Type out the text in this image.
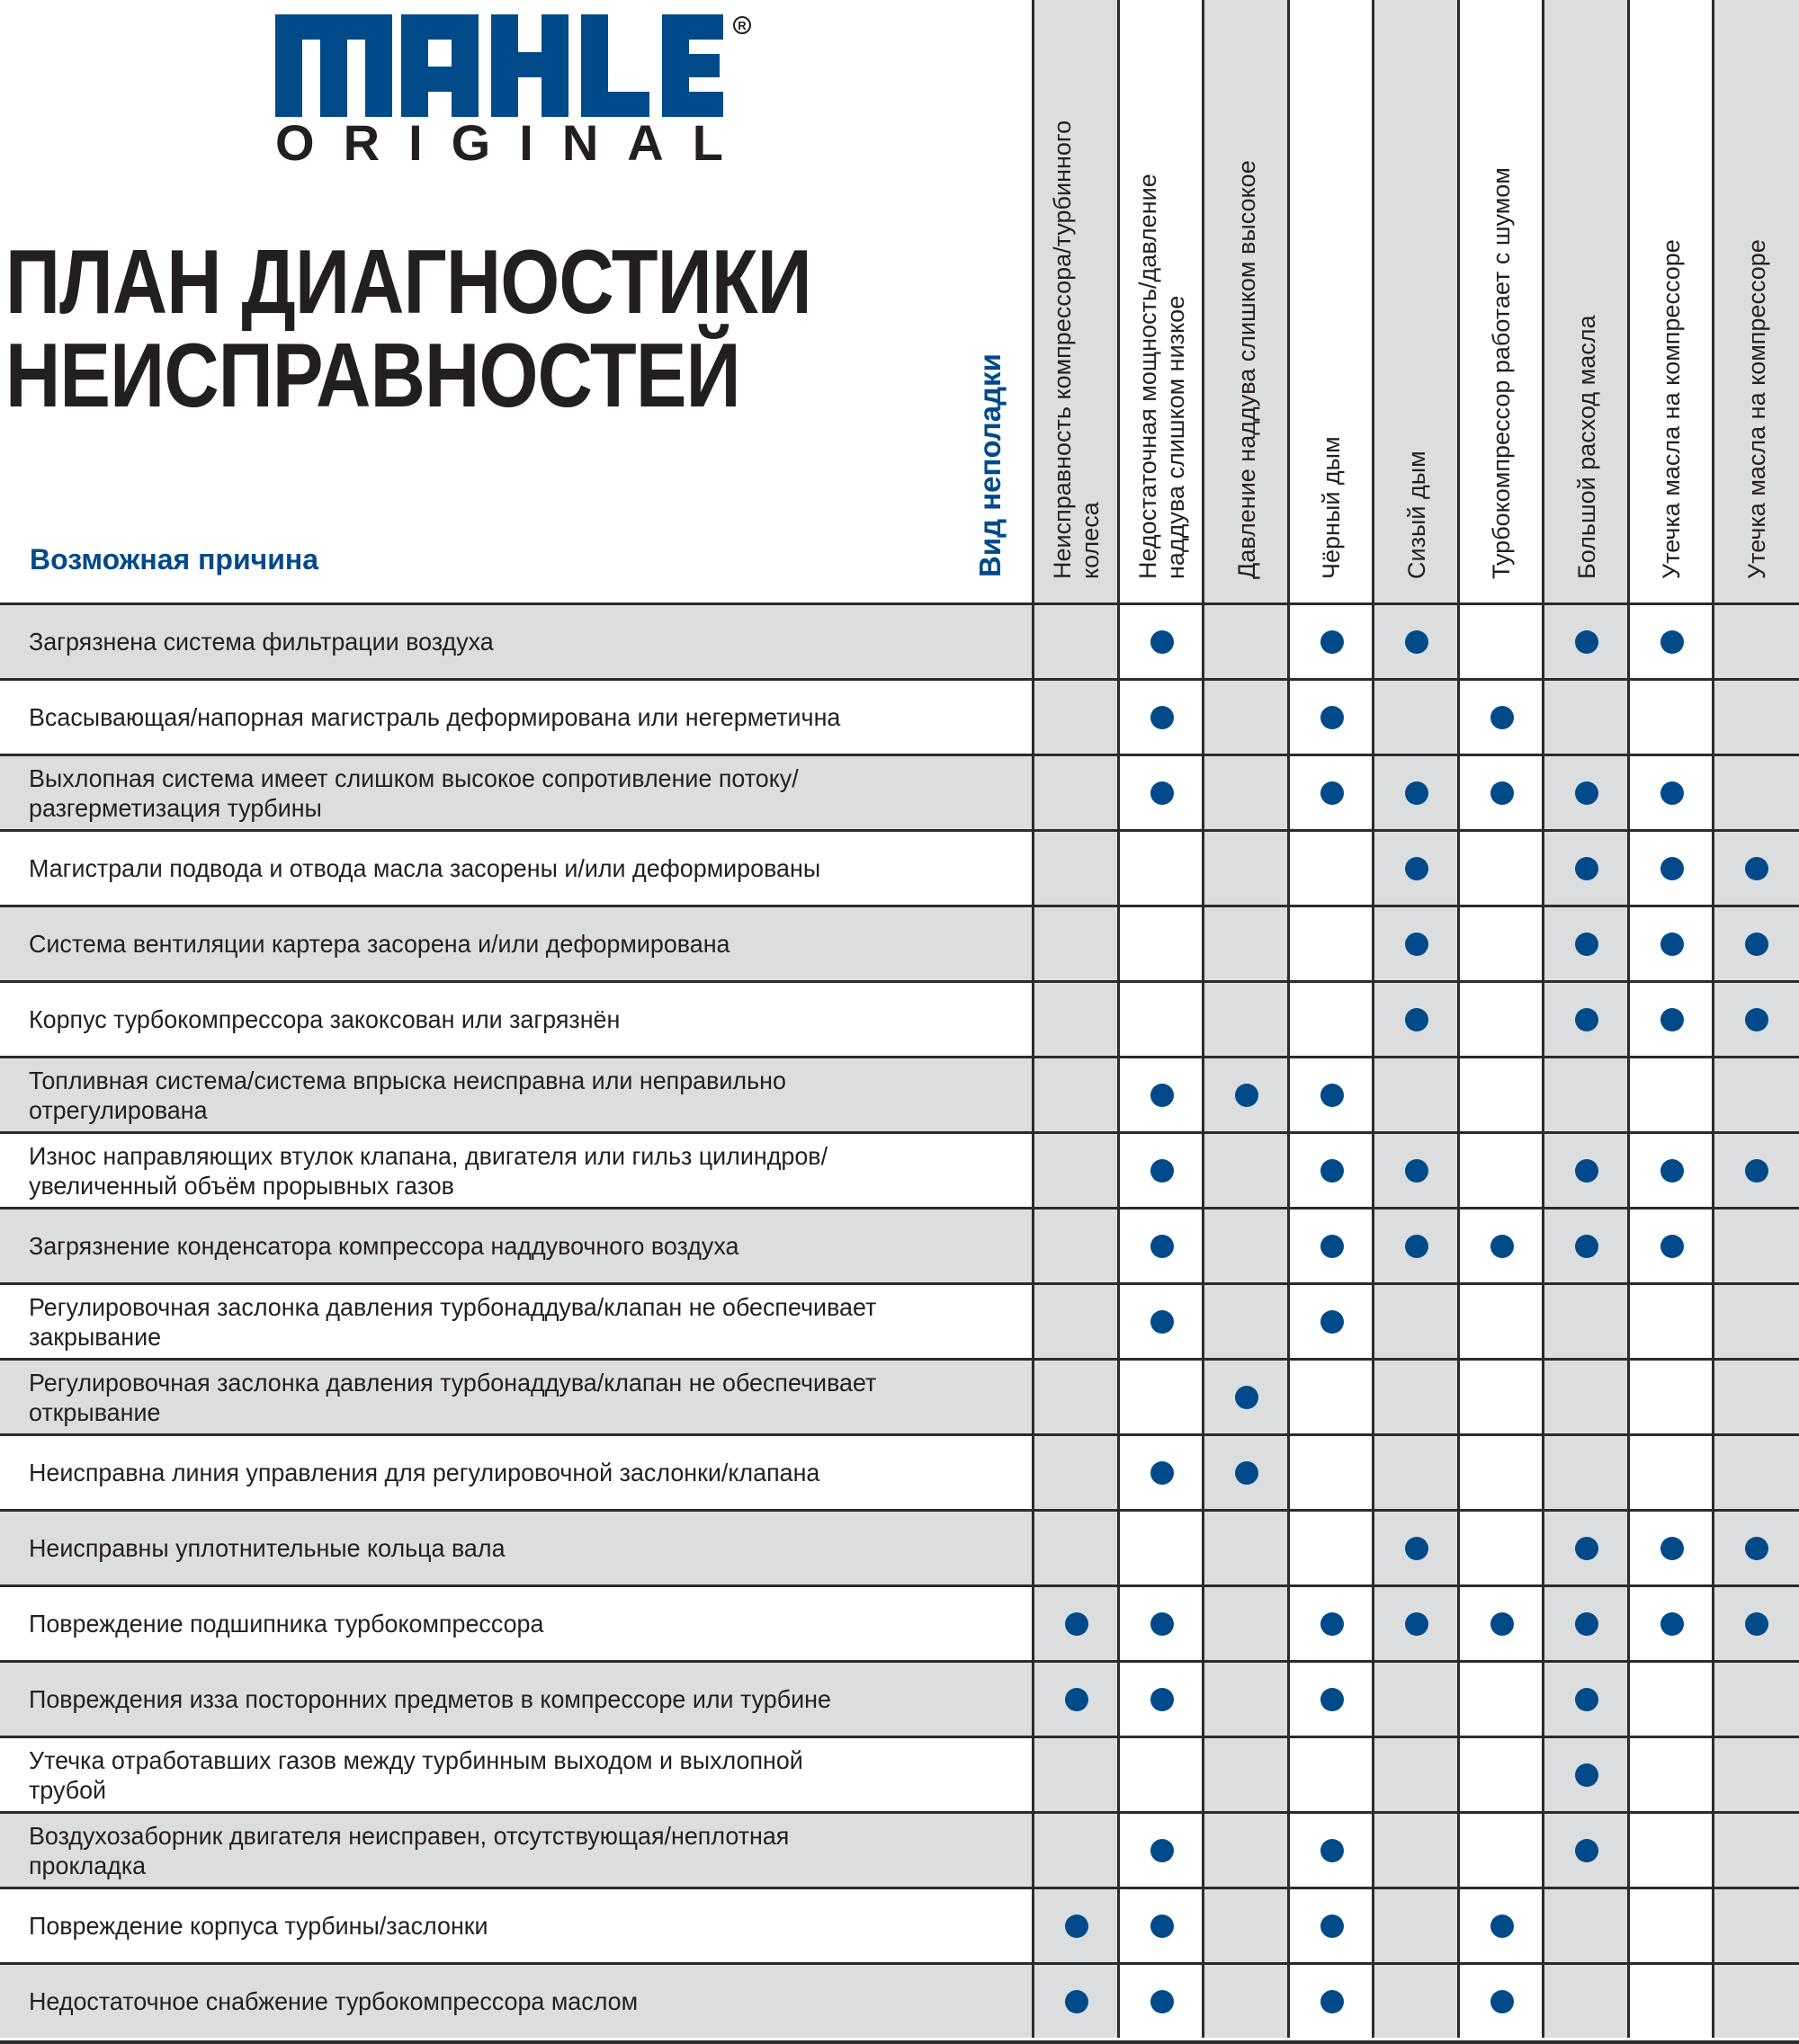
R
ORIGINAL
ПЛАН ДИАГНОСТИКИ
НЕИСПРАВНОСТЕЙ
Возможная причина	Вид неполадки Неисправность компрессора/турбинного колеса Недостаточная мощность/давление наддува слишком низкое Давление наддува слишком высокое Чёрный дым Сизый дым Турбокомпрессор работает с шумом Большой расход масла Утечка масла на компрессоре Утечка масла на компрессоре
Загрязнена система фильтрации воздуха
Всасывающая/напорная магистраль деформирована или негерметична
Выхлопная система имеет слишком высокое сопротивление потоку/
разгерметизация турбины
Магистрали подвода и отвода масла засорены и/или деформированы
Система вентиляции картера засорена и/или деформирована
Корпус турбокомпрессора закоксован или загрязнён
Топливная система/система впрыска неисправна или неправильно
отрегулирована
Износ направляющих втулок клапана, двигателя или гильз цилиндров/
увеличенный объём прорывных газов
Загрязнение конденсатора компрессора наддувочного воздуха
Регулировочная заслонка давления турбонаддува/клапан не обеспечивает
закрывание
Регулировочная заслонка давления турбонаддува/клапан не обеспечивает
открывание
Неисправна линия управления для регулировочной заслонки/клапана
Неисправны уплотнительные кольца вала
Повреждение подшипника турбокомпрессора
Повреждения изза посторонних предметов в компрессоре или турбине
Утечка отработавших газов между турбинным выходом и выхлопной
трубой
Воздухозаборник двигателя неисправен, отсутствующая/неплотная
прокладка
Повреждение корпуса турбины/заслонки
Недостаточное снабжение турбокомпрессора маслом
